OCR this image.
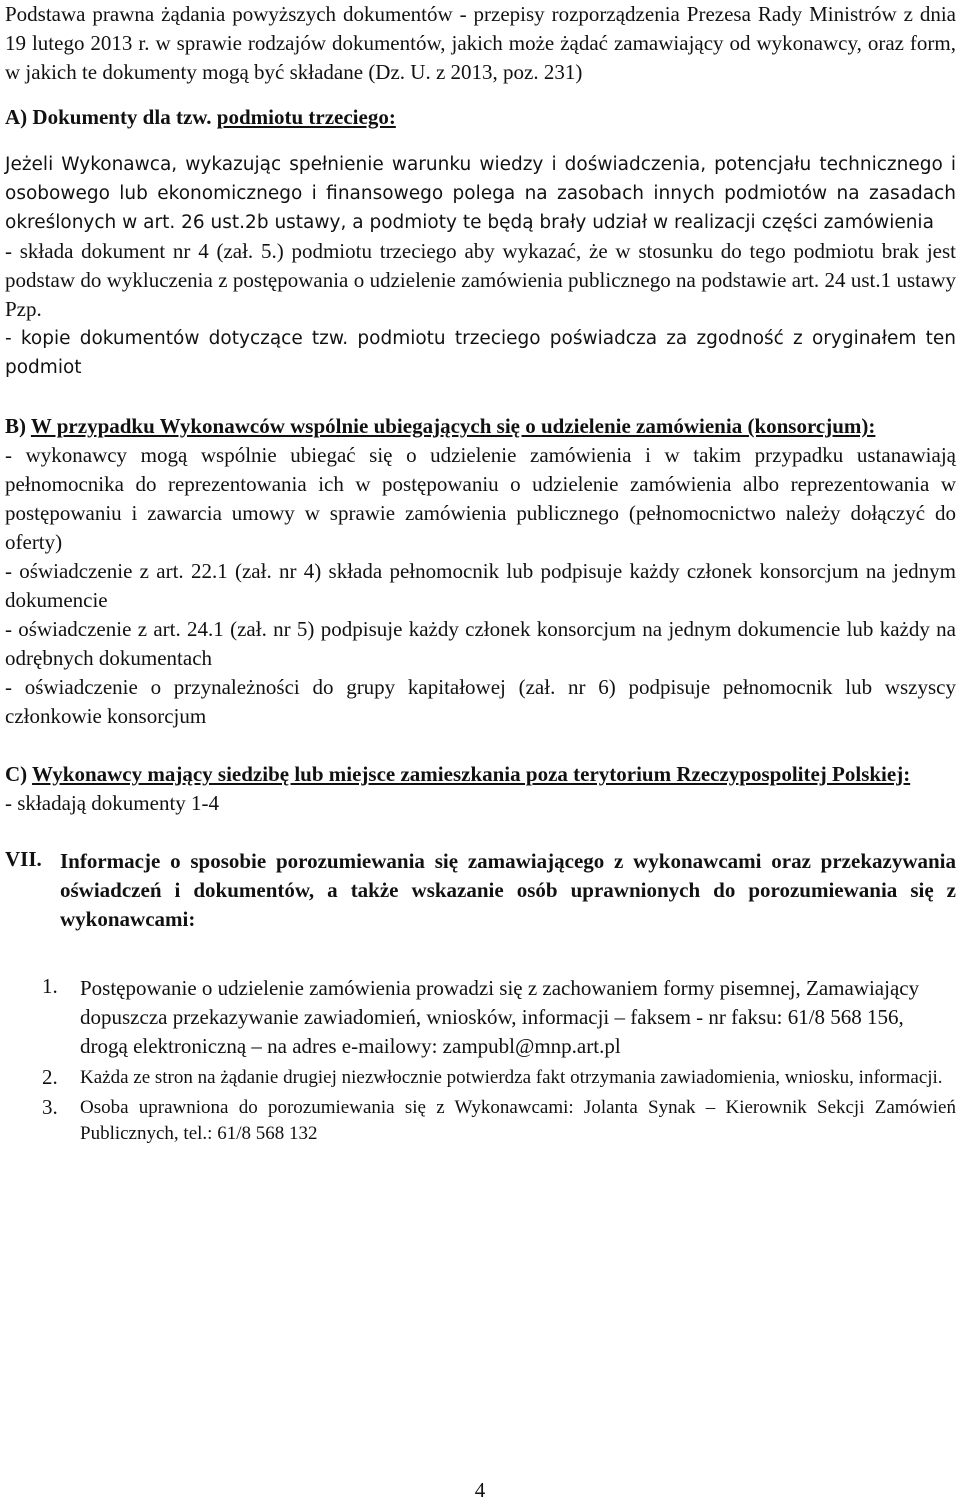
Podstawa prawna żądania powyższych dokumentów - przepisy rozporządzenia Prezesa Rady Ministrów z dnia 19 lutego 2013 r. w sprawie rodzajów dokumentów, jakich może żądać zamawiający od wykonawcy, oraz form, w jakich te dokumenty mogą być składane (Dz. U. z 2013, poz. 231)

A) Dokumenty dla tzw. podmiotu trzeciego:

Jeżeli Wykonawca, wykazując spełnienie warunku wiedzy i doświadczenia, potencjału technicznego i osobowego lub ekonomicznego i finansowego polega na zasobach innych podmiotów na zasadach określonych w art. 26 ust.2b ustawy, a podmioty te będą brały udział w realizacji części zamówienia

- składa dokument nr 4 (zał. 5.) podmiotu trzeciego aby wykazać, że w stosunku do tego podmiotu brak jest podstaw do wykluczenia z postępowania o udzielenie zamówienia publicznego na podstawie art. 24 ust.1 ustawy Pzp.

- kopie dokumentów dotyczące tzw. podmiotu trzeciego poświadcza za zgodność z oryginałem ten podmiot

B) W przypadku Wykonawców wspólnie ubiegających się o udzielenie zamówienia (konsorcjum):

- wykonawcy mogą wspólnie ubiegać się o udzielenie zamówienia i w takim przypadku ustanawiają pełnomocnika do reprezentowania ich w postępowaniu o udzielenie zamówienia albo reprezentowania w postępowaniu i zawarcia umowy w sprawie zamówienia publicznego (pełnomocnictwo należy dołączyć do oferty)

- oświadczenie z art. 22.1 (zał. nr 4) składa pełnomocnik lub podpisuje każdy członek konsorcjum na jednym dokumencie

- oświadczenie z art. 24.1 (zał. nr 5) podpisuje każdy członek konsorcjum na jednym dokumencie lub każdy na odrębnych dokumentach

- oświadczenie o przynależności do grupy kapitałowej (zał. nr 6) podpisuje pełnomocnik lub wszyscy członkowie konsorcjum

C) Wykonawcy mający siedzibę lub miejsce zamieszkania poza terytorium Rzeczypospolitej Polskiej:

- składają dokumenty 1-4

VII. Informacje o sposobie porozumiewania się zamawiającego z wykonawcami oraz przekazywania oświadczeń i dokumentów, a także wskazanie osób uprawnionych do porozumiewania się z wykonawcami:
1.	Postępowanie o udzielenie zamówienia prowadzi się z zachowaniem formy pisemnej, Zamawiający dopuszcza przekazywanie zawiadomień, wniosków, informacji – faksem - nr faksu: 61/8 568 156, drogą elektroniczną – na adres e-mailowy: zampubl@mnp.art.pl
2.	Każda ze stron na żądanie drugiej niezwłocznie potwierdza fakt otrzymania zawiadomienia, wniosku, informacji.
3.	Osoba uprawniona do porozumiewania się z Wykonawcami: Jolanta Synak – Kierownik Sekcji Zamówień Publicznych, tel.: 61/8 568 132
4
